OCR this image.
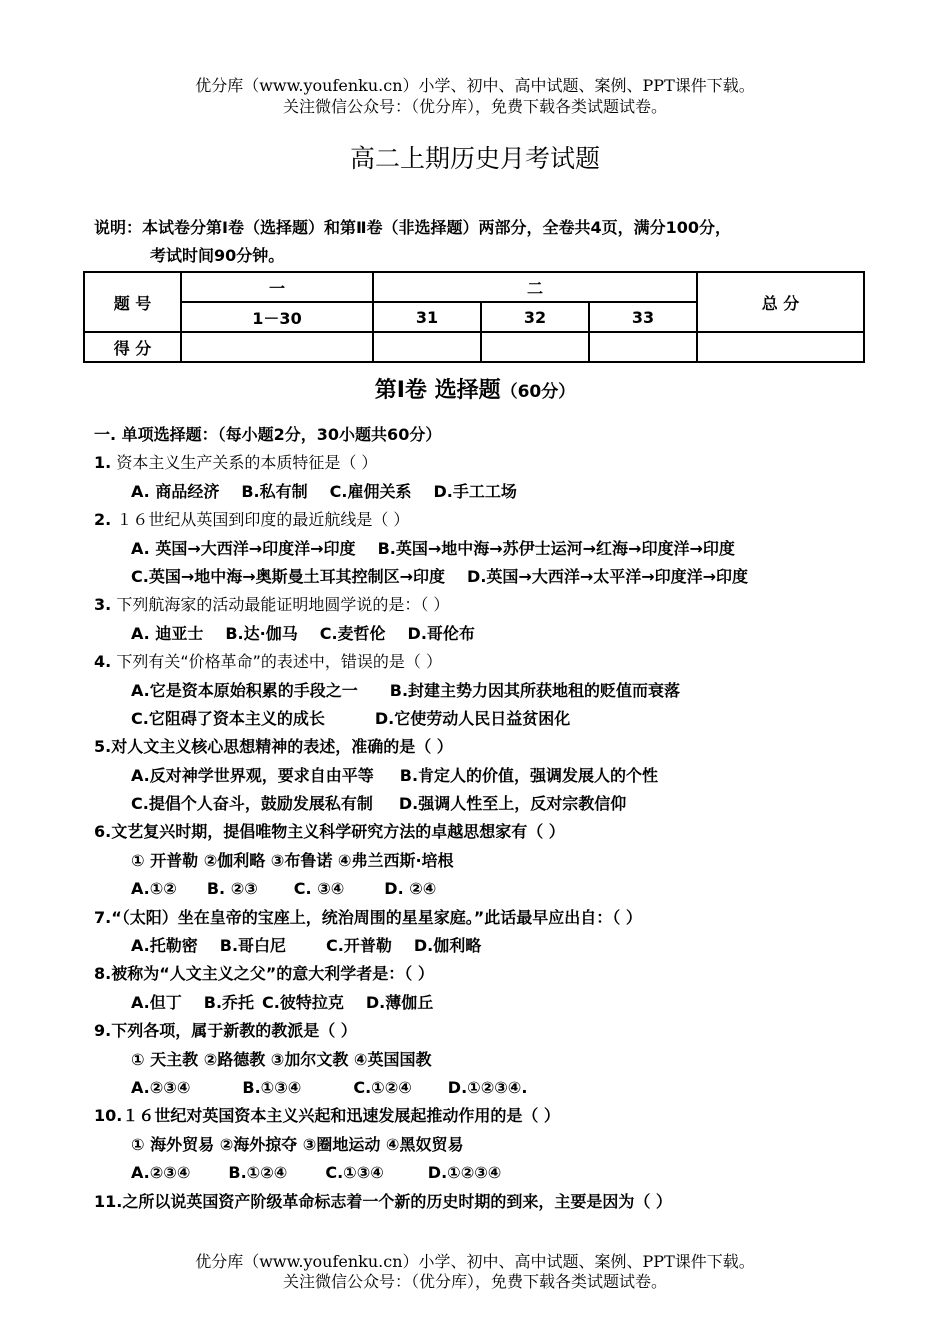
优分库（www.youfenku.cn）小学、初中、高中试题、案例、PPT课件下载。
关注微信公众号：（优分库），免费下载各类试题试卷。
高二上期历史月考试题
说明：本试卷分第Ⅰ卷（选择题）和第Ⅱ卷（非选择题）两部分，全卷共4页，满分100分，
考试时间90分钟。
题 号	一	二			总 分
	1－30	31	32	33	
得 分					
第Ⅰ卷 选择题（60分）
一. 单项选择题：（每小题2分，30小题共60分）
1. 资本主义生产关系的本质特征是（ ）
A. 商品经济 B.私有制 C.雇佣关系 D.手工工场
2. １６世纪从英国到印度的最近航线是（ ）
A. 英国→大西洋→印度洋→印度 B.英国→地中海→苏伊士运河→红海→印度洋→印度
C.英国→地中海→奥斯曼土耳其控制区→印度 D.英国→大西洋→太平洋→印度洋→印度
3. 下列航海家的活动最能证明地圆学说的是：（ ）
A. 迪亚士 B.达·伽马 C.麦哲伦 D.哥伦布
4. 下列有关“价格革命”的表述中，错误的是（ ）
A.它是资本原始积累的手段之一 B.封建主势力因其所获地租的贬值而衰落
C.它阻碍了资本主义的成长	D.它使劳动人民日益贫困化
5.对人文主义核心思想精神的表述，准确的是（ ）
A.反对神学世界观，要求自由平等 B.肯定人的价值，强调发展人的个性
C.提倡个人奋斗，鼓励发展私有制 D.强调人性至上，反对宗教信仰
6.文艺复兴时期，提倡唯物主义科学研究方法的卓越思想家有（ ）
① 开普勒 ②伽利略 ③布鲁诺 ④弗兰西斯·培根
A.①② B. ②③ C. ③④	D. ②④
7.“（太阳）坐在皇帝的宝座上，统治周围的星星家庭。”此话最早应出自：（ ）
A.托勒密 B.哥白尼	C.开普勒 D.伽利略
8.被称为“人文主义之父”的意大利学者是：（ ）
A.但丁 B.乔托 C.彼特拉克 D.薄伽丘
9.下列各项，属于新教的教派是（ ）
① 天主教 ②路德教 ③加尔文教 ④英国国教
A.②③④	B.①③④	C.①②④ D.①②③④.
10.１６世纪对英国资本主义兴起和迅速发展起推动作用的是（ ）
① 海外贸易 ②海外掠夺 ③圈地运动 ④黑奴贸易
A.②③④ B.①②④ C.①③④	D.①②③④
11.之所以说英国资产阶级革命标志着一个新的历史时期的到来，主要是因为（ ）
优分库（www.youfenku.cn）小学、初中、高中试题、案例、PPT课件下载。
关注微信公众号：（优分库），免费下载各类试题试卷。
